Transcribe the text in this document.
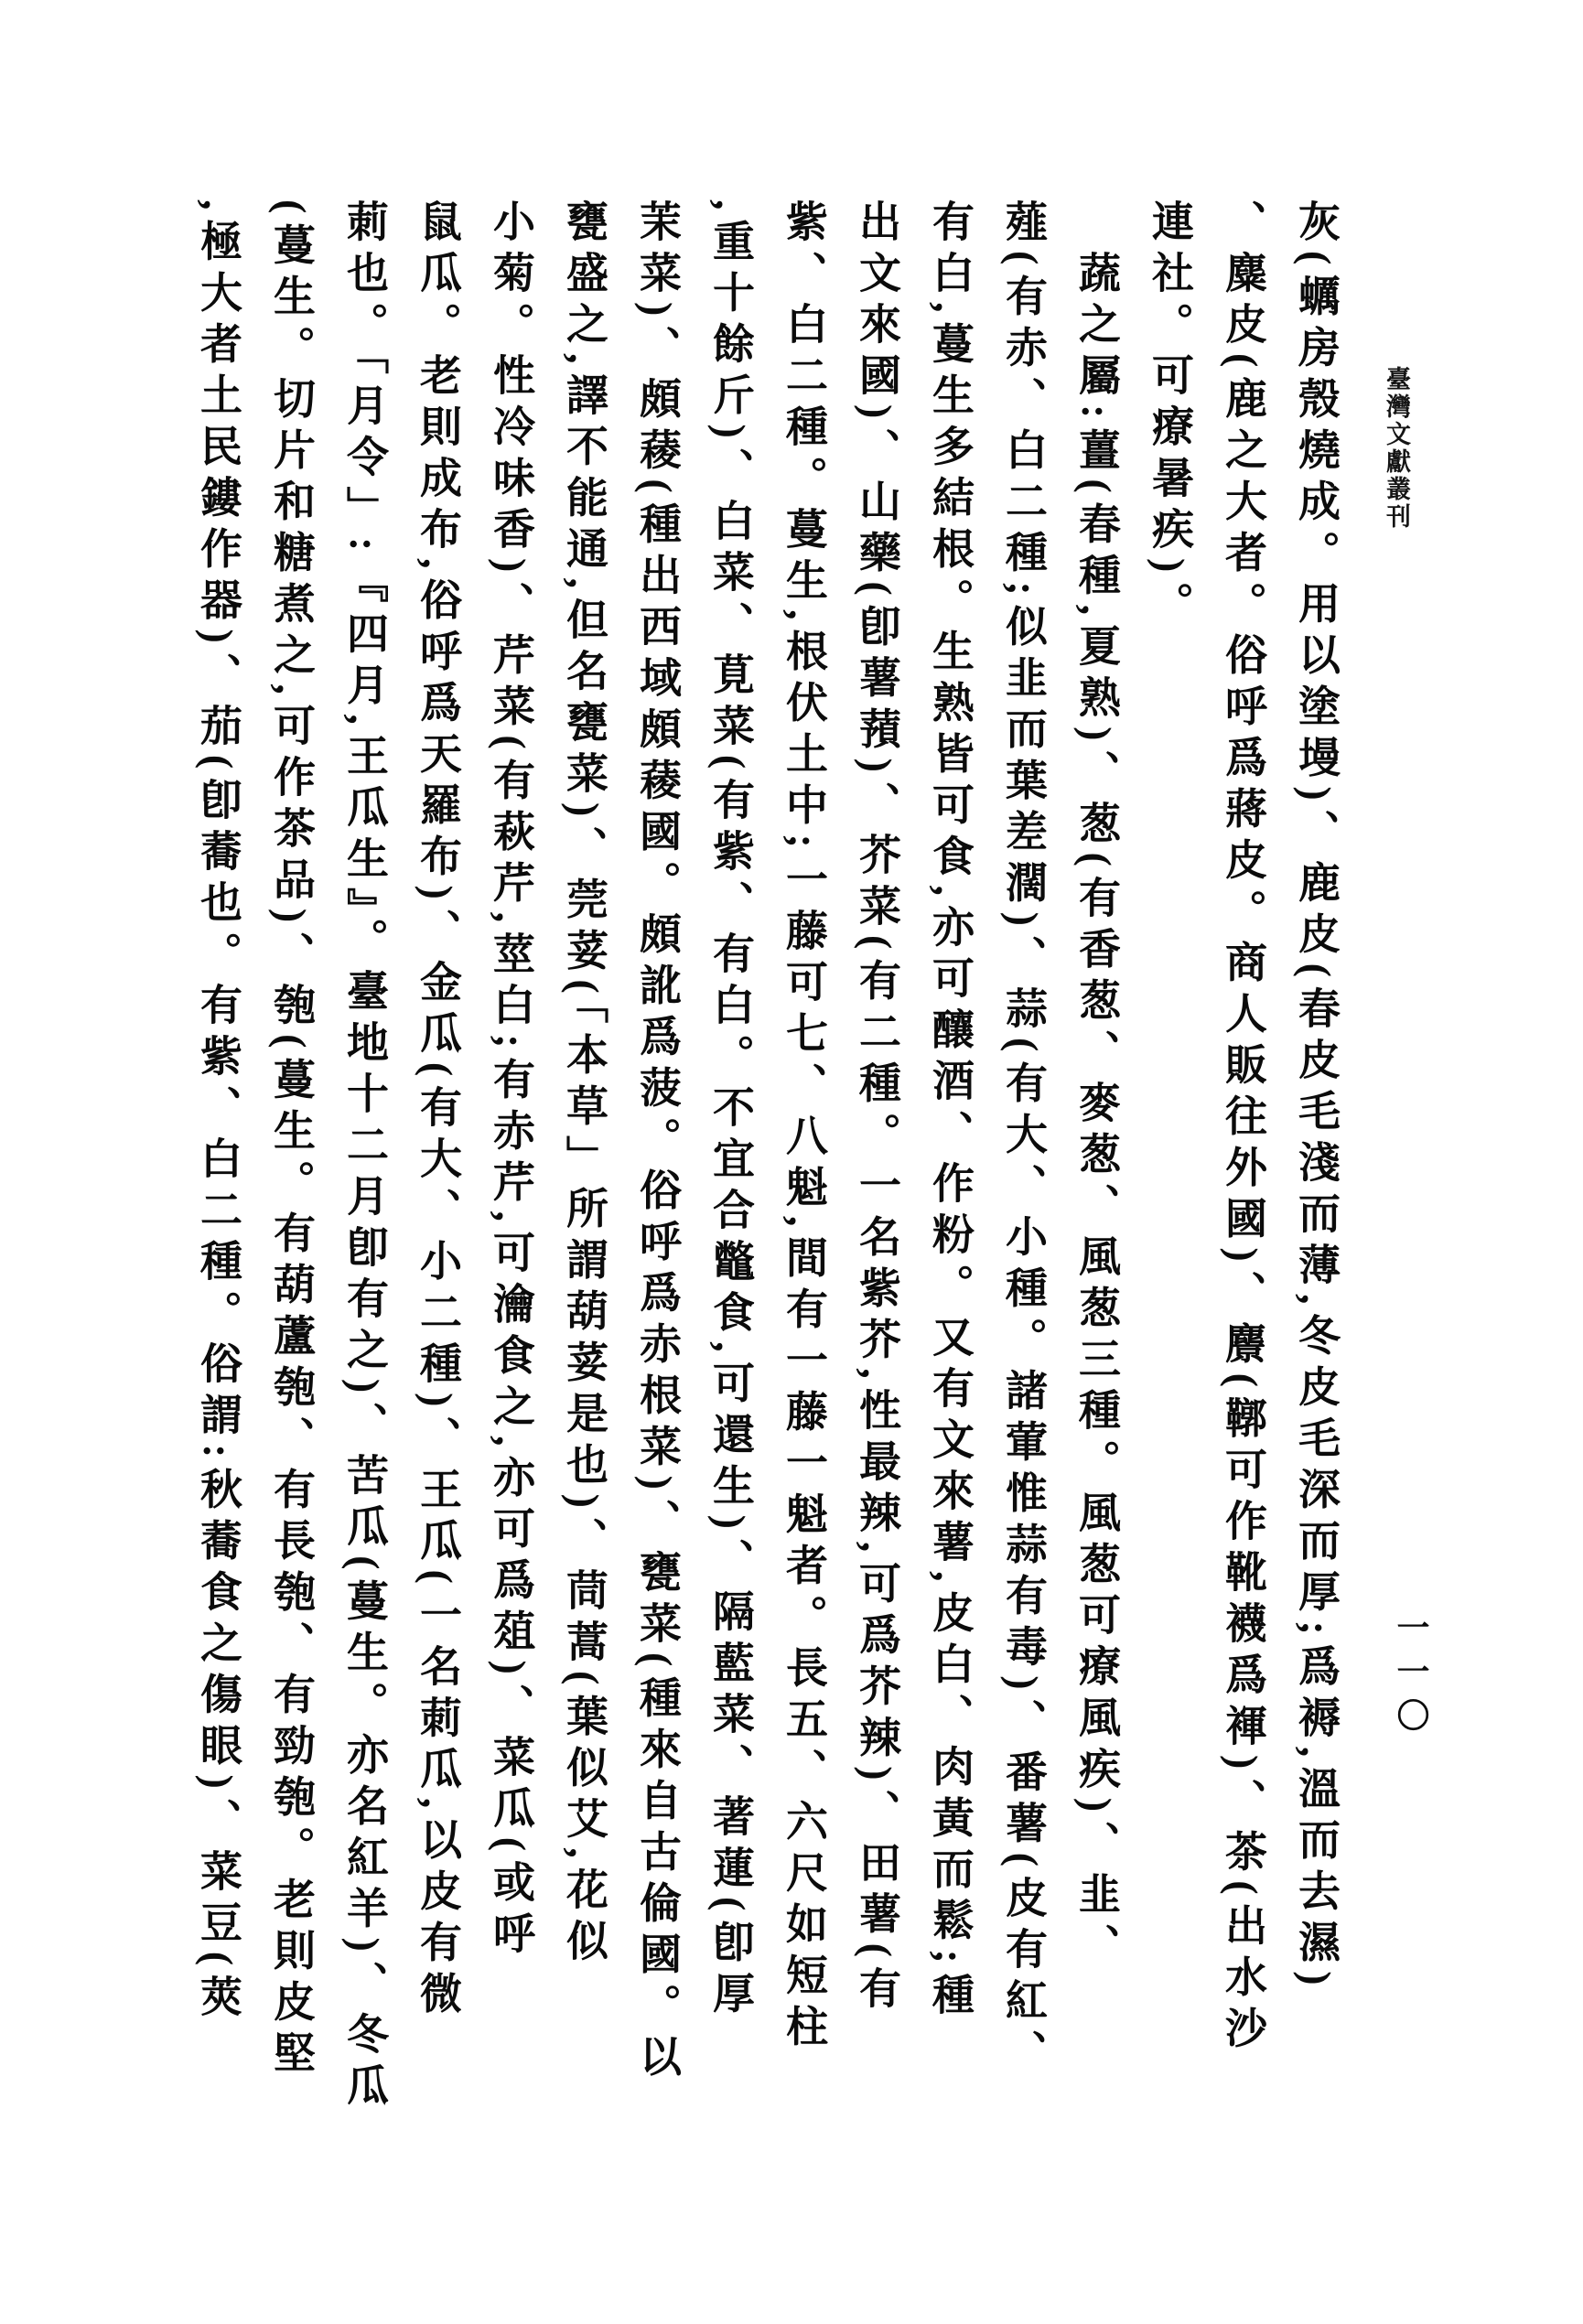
臺灣文獻叢刊
一一〇
灰(蠣房殼燒成。用以塗墁)、鹿皮(春皮毛淺而薄,冬皮毛深而厚;爲褥,溫而去濕)
、麋皮(鹿之大者。俗呼爲蔣皮。商人販往外國)、麖(鞹可作靴襪爲褌)、茶(出水沙
連社。可療暑疾)。
蔬之屬:薑(春種,夏熟)、葱(有香葱、麥葱、風葱三種。風葱可療風疾)、韭、
薤(有赤、白二種;似韭而葉差濶)、蒜(有大、小種。諸葷惟蒜有毒)、番薯(皮有紅、
有白,蔓生多結根。生熟皆可食,亦可釀酒、作粉。又有文來薯,皮白、肉黃而鬆;種
出文來國)、山藥(卽薯蕷)、芥菜(有二種。一名紫芥,性最辣,可爲芥辣)、田薯(有
紫、白二種。蔓生,根伏土中;一藤可七、八魁,間有一藤一魁者。長五、六尺如短柱
,重十餘斤)、白菜、莧菜(有紫、有白。不宜合鼈食,可還生)、隔藍菜、著蓮(卽厚
茉菜)、頗薐(種出西域頗薐國。頗訛爲菠。俗呼爲赤根菜)、甕菜(種來自古倫國。以
甕盛之,譯不能通,但名甕菜)、莞荽(「本草」所謂葫荽是也)、茼蒿(葉似艾,花似
小菊。性冷味香)、芹菜(有萩芹,莖白;有赤芹,可瀹食之,亦可爲葅)、菜瓜(或呼
鼠瓜。老則成布,俗呼爲天羅布)、金瓜(有大、小二種)、王瓜(一名莿瓜,以皮有微
莿也。「月令」:『四月,王瓜生』。臺地十二月卽有之)、苦瓜(蔓生。亦名紅羊)、冬瓜
(蔓生。切片和糖煮之,可作茶品)、匏(蔓生。有葫蘆匏、有長匏、有勁匏。老則皮堅
,極大者土民鏤作器)、茄(卽蕎也。有紫、白二種。俗謂:秋蕎食之傷眼)、菜豆(莢
